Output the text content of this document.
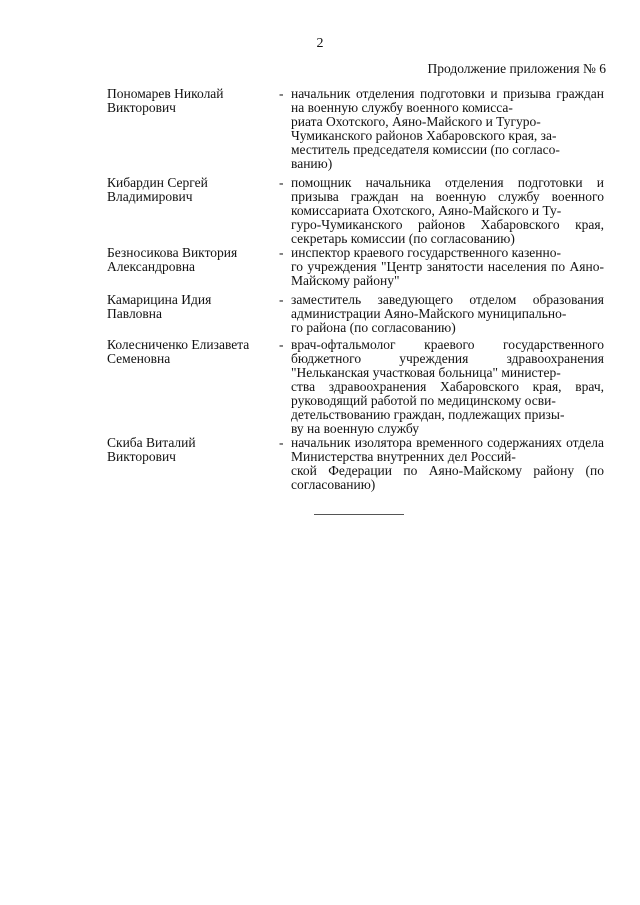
2
Продолжение приложения № 6
Пономарев Николай
Викторович
- начальник отделения подготовки и призыва граждан на военную службу военного комисса-
риата Охотского, Аяно-Майского и Тугуро-
Чумиканского районов Хабаровского края, за-
меститель председателя комиссии (по согласо-
ванию)
Кибардин Сергей
Владимирович
- помощник начальника отделения подготовки и призыва граждан на военную службу военного комиссариата Охотского, Аяно-Майского и Ту-
гуро-Чумиканского районов Хабаровского края, секретарь комиссии (по согласованию)
Безносикова Виктория
Александровна
- инспектор краевого государственного казенно-
го учреждения "Центр занятости населения по Аяно-Майскому району"
Камарицина Идия
Павловна
- заместитель заведующего отделом образования администрации Аяно-Майского муниципально-
го района (по согласованию)
Колесниченко Елизавета
Семеновна
- врач-офтальмолог краевого государственного бюджетного учреждения здравоохранения "Нельканская участковая больница" министер-
ства здравоохранения Хабаровского края, врач, руководящий работой по медицинскому осви-
детельствованию граждан, подлежащих призы-
ву на военную службу
Скиба Виталий
Викторович
- начальник изолятора временного содержаниях отдела Министерства внутренних дел Россий-
ской Федерации по Аяно-Майскому району (по согласованию)
